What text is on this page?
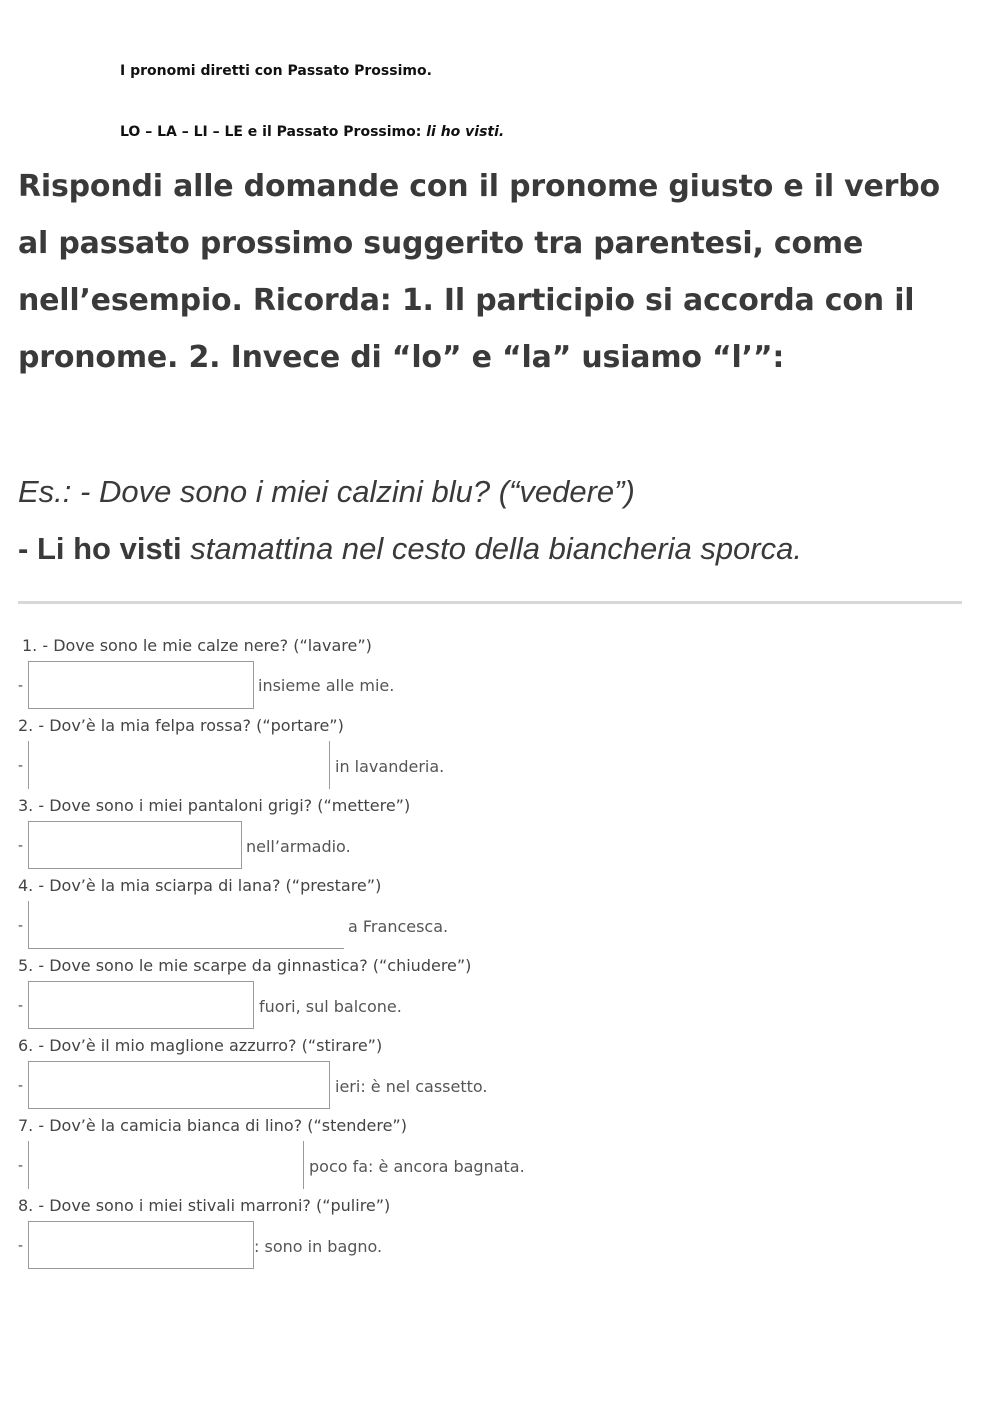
I pronomi diretti con Passato Prossimo.
LO – LA – LI – LE e il Passato Prossimo: li ho visti.
Rispondi alle domande con il pronome giusto e il verbo al passato prossimo suggerito tra parentesi, come nell’esempio. Ricorda: 1. Il participio si accorda con il pronome. 2. Invece di “lo” e “la” usiamo “l’”:
Es.: - Dove sono i miei calzini blu? (“vedere”)
- Li ho visti stamattina nel cesto della biancheria sporca.
1. - Dove sono le mie calze nere? (“lavare”)
-	insieme alle mie.
2. - Dov’è la mia felpa rossa? (“portare”)
-	in lavanderia.
3. - Dove sono i miei pantaloni grigi? (“mettere”)
-	nell’armadio.
4. - Dov’è la mia sciarpa di lana? (“prestare”)
-	a Francesca.
5. - Dove sono le mie scarpe da ginnastica? (“chiudere”)
-	fuori, sul balcone.
6. - Dov’è il mio maglione azzurro? (“stirare”)
-	ieri: è nel cassetto.
7. - Dov’è la camicia bianca di lino? (“stendere”)
-	poco fa: è ancora bagnata.
8. - Dove sono i miei stivali marroni? (“pulire”)
-	: sono in bagno.
